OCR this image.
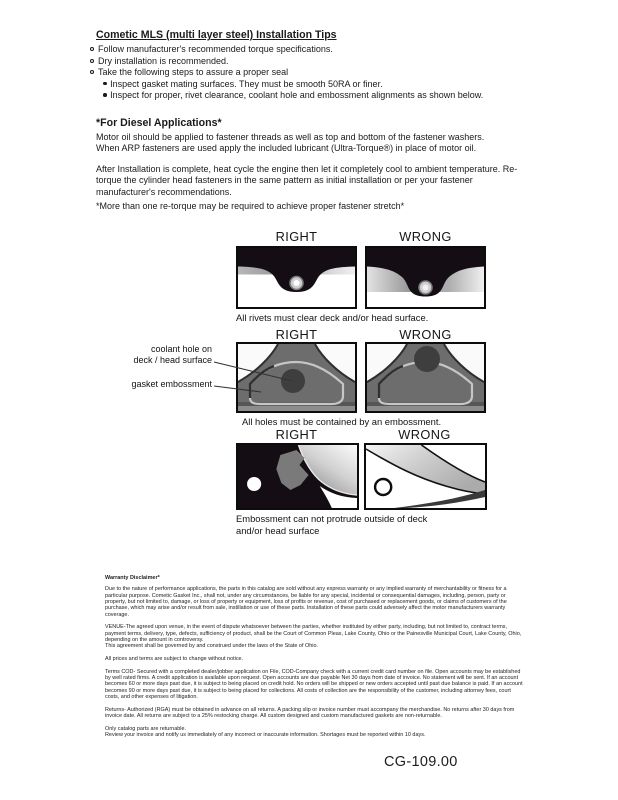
Cometic MLS (multi layer steel) Installation Tips
Follow manufacturer's recommended torque specifications.
Dry installation is recommended.
Take the following steps to assure a proper seal
Inspect gasket mating surfaces. They must be smooth 50RA or finer.
Inspect for proper, rivet clearance, coolant hole and embossment alignments as shown below.
*For Diesel Applications*
Motor oil should be applied to fastener threads as well as top and bottom of the fastener washers.
When ARP fasteners are used apply the included lubricant (Ultra-Torque®) in place of motor oil.
After Installation is complete, heat cycle the engine then let it completely cool to ambient temperature. Re-torque the cylinder head fasteners in the same pattern as initial installation or per your fastener manufacturer's recommendations.
*More than one re-torque may be required to achieve proper fastener stretch*
RIGHT	WRONG
All rivets must clear deck and/or head surface.
RIGHT	WRONG
All holes must be contained by an embossment.
coolant hole on
deck / head surface
gasket embossment
RIGHT	WRONG
Embossment can not protrude outside of deck
and/or head surface
Warranty Disclaimer*

Due to the nature of performance applications, the parts in this catalog are sold without any express warranty or any implied warranty of merchantability or fitness for a particular purpose. Cometic Gasket Inc., shall not, under any circumstances, be liable for any special, incidental or consequential damages, including, person, party or property, but not limited to, damage, or loss of property or equipment, loss of profits or revenue, cost of purchased or replacement goods, or claims of customers of the purchase, which may arise and/or result from sale, instillation or use of these parts. Installation of these parts could adversely affect the motor manufacturers warranty coverage.

VENUE-The agreed upon venue, in the event of dispute whatsoever between the parties, whether instituted by either party, including, but not limited to, contract terms, payment terms, delivery, type, defects, sufficiency of product, shall be the Court of Common Pleas, Lake County, Ohio or the Painesville Municipal Court, Lake County, Ohio, depending on the amount in controversy.

This agreement shall be governed by and construed under the laws of the State of Ohio.

All prices and terms are subject to change without notice.

Terms COD- Secured with a completed dealer/jobber application on File, COD-Company check with a current credit card number on file. Open accounts may be established by well rated firms. A credit application is available upon request. Open accounts are due payable Net 30 days from date of invoice. No statement will be sent. If an account becomes 60 or more days past due, it is subject to being placed on credit hold. No orders will be shipped or new orders accepted until past due balance is paid. If an account becomes 90 or more days past due, it is subject to being placed for collections. All costs of collection are the responsibility of the customer, including attorney fees, court costs, and other expenses of litigation.

Returns- Authorized (RGA) must be obtained in advance on all returns. A packing slip or invoice number must accompany the merchandise. No returns after 30 days from invoice date. All returns are subject to a 25% restocking charge. All custom designed and custom manufactured gaskets are non-returnable.

Only catalog parts are returnable.

Review your invoice and notify us immediately of any incorrect or inaccurate information. Shortages must be reported within 10 days.

CG-109.00
